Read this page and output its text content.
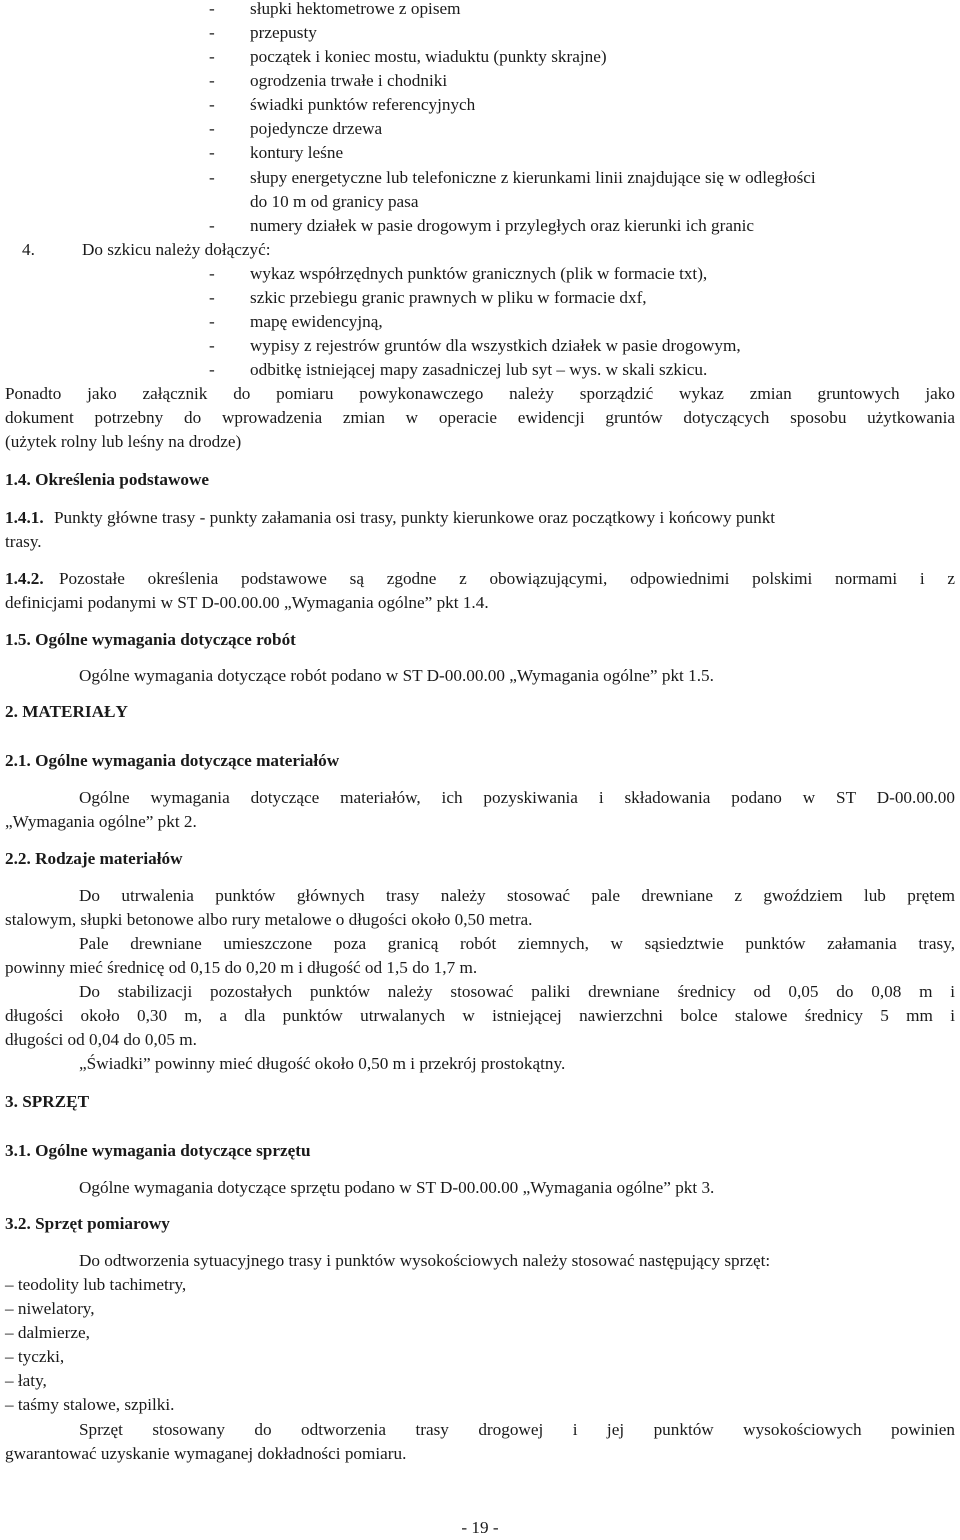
- słupki hektometrowe z opisem
- przepusty
- początek i koniec mostu, wiaduktu (punkty skrajne)
- ogrodzenia trwałe i chodniki
- świadki punktów referencyjnych
- pojedyncze drzewa
- kontury leśne
- słupy energetyczne lub telefoniczne z kierunkami linii znajdujące się w odległości
do 10 m od granicy pasa
- numery działek w pasie drogowym i przyległych oraz kierunki ich granic
4.	Do szkicu należy dołączyć:
- wykaz współrzędnych punktów granicznych (plik w formacie txt),
- szkic przebiegu granic prawnych w pliku w formacie dxf,
- mapę ewidencyjną,
- wypisy z rejestrów gruntów dla wszystkich działek w pasie drogowym,
- odbitkę istniejącej mapy zasadniczej lub syt – wys. w skali szkicu.
Ponadto jako załącznik do pomiaru powykonawczego należy sporządzić wykaz zmian gruntowych jako
dokument potrzebny do wprowadzenia zmian w operacie ewidencji gruntów dotyczących sposobu użytkowania
(użytek rolny lub leśny na drodze)
1.4. Określenia podstawowe
1.4.1. Punkty główne trasy - punkty załamania osi trasy, punkty kierunkowe oraz początkowy i końcowy punkt
trasy.
1.4.2. Pozostałe określenia podstawowe są zgodne z obowiązującymi, odpowiednimi polskimi normami i z
definicjami podanymi w ST D-00.00.00 „Wymagania ogólne” pkt 1.4.
1.5. Ogólne wymagania dotyczące robót
Ogólne wymagania dotyczące robót podano w ST D-00.00.00 „Wymagania ogólne” pkt 1.5.
2. MATERIAŁY
2.1. Ogólne wymagania dotyczące materiałów
Ogólne wymagania dotyczące materiałów, ich pozyskiwania i składowania podano w ST D-00.00.00
„Wymagania ogólne” pkt 2.
2.2. Rodzaje materiałów
Do utrwalenia punktów głównych trasy należy stosować pale drewniane z gwoździem lub prętem
stalowym, słupki betonowe albo rury metalowe o długości około 0,50 metra.
Pale drewniane umieszczone poza granicą robót ziemnych, w sąsiedztwie punktów załamania trasy,
powinny mieć średnicę od 0,15 do 0,20 m i długość od 1,5 do 1,7 m.
Do stabilizacji pozostałych punktów należy stosować paliki drewniane średnicy od 0,05 do 0,08 m i
długości około 0,30 m, a dla punktów utrwalanych w istniejącej nawierzchni bolce stalowe średnicy 5 mm i
długości od 0,04 do 0,05 m.
„Świadki” powinny mieć długość około 0,50 m i przekrój prostokątny.
3. SPRZĘT
3.1. Ogólne wymagania dotyczące sprzętu
Ogólne wymagania dotyczące sprzętu podano w ST D-00.00.00 „Wymagania ogólne” pkt 3.
3.2. Sprzęt pomiarowy
Do odtworzenia sytuacyjnego trasy i punktów wysokościowych należy stosować następujący sprzęt:
– teodolity lub tachimetry,
– niwelatory,
– dalmierze,
– tyczki,
– łaty,
– taśmy stalowe, szpilki.
Sprzęt stosowany do odtworzenia trasy drogowej i jej punktów wysokościowych powinien
gwarantować uzyskanie wymaganej dokładności pomiaru.
- 19 -
